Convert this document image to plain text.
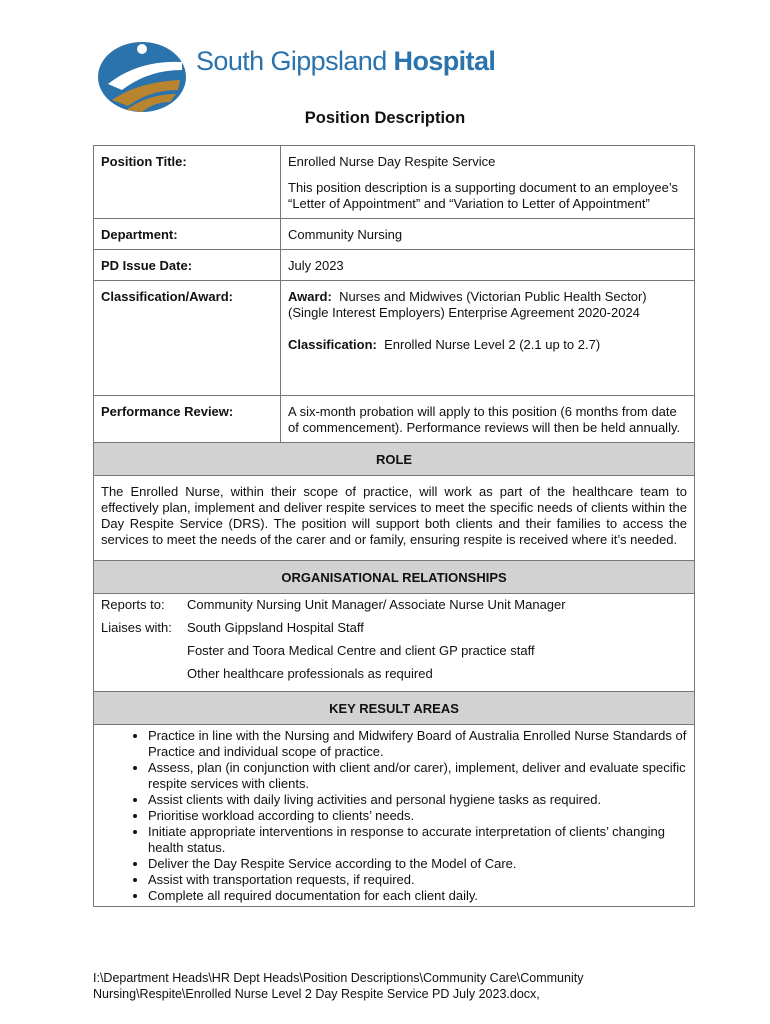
South Gippsland Hospital
Position Description
Position Title:	Enrolled Nurse Day Respite Service

This position description is a supporting document to an employee’s “Letter of Appointment” and “Variation to Letter of Appointment”

Department:	Community Nursing
PD Issue Date:	July 2023
Classification/Award:	Award: Nurses and Midwives (Victorian Public Health Sector) (Single Interest Employers) Enterprise Agreement 2020-2024

Classification: Enrolled Nurse Level 2 (2.1 up to 2.7)

Performance Review:	A six-month probation will apply to this position (6 months from date of commencement). Performance reviews will then be held annually.
ROLE
The Enrolled Nurse, within their scope of practice, will work as part of the healthcare team to effectively plan, implement and deliver respite services to meet the specific needs of clients within the Day Respite Service (DRS). The position will support both clients and their families to access the services to meet the needs of the carer and or family, ensuring respite is received where it’s needed.
ORGANISATIONAL RELATIONSHIPS
Reports to:	Community Nursing Unit Manager/ Associate Nurse Unit Manager
Liaises with:	South Gippsland Hospital Staff
Foster and Toora Medical Centre and client GP practice staff
Other healthcare professionals as required
KEY RESULT AREAS
• Practice in line with the Nursing and Midwifery Board of Australia Enrolled Nurse Standards of Practice and individual scope of practice.
• Assess, plan (in conjunction with client and/or carer), implement, deliver and evaluate specific respite services with clients.
• Assist clients with daily living activities and personal hygiene tasks as required.
• Prioritise workload according to clients’ needs.
• Initiate appropriate interventions in response to accurate interpretation of clients’ changing health status.
• Deliver the Day Respite Service according to the Model of Care.
• Assist with transportation requests, if required.
• Complete all required documentation for each client daily.
I:\Department Heads\HR Dept Heads\Position Descriptions\Community Care\Community Nursing\Respite\Enrolled Nurse Level 2 Day Respite Service PD July 2023.docx,
